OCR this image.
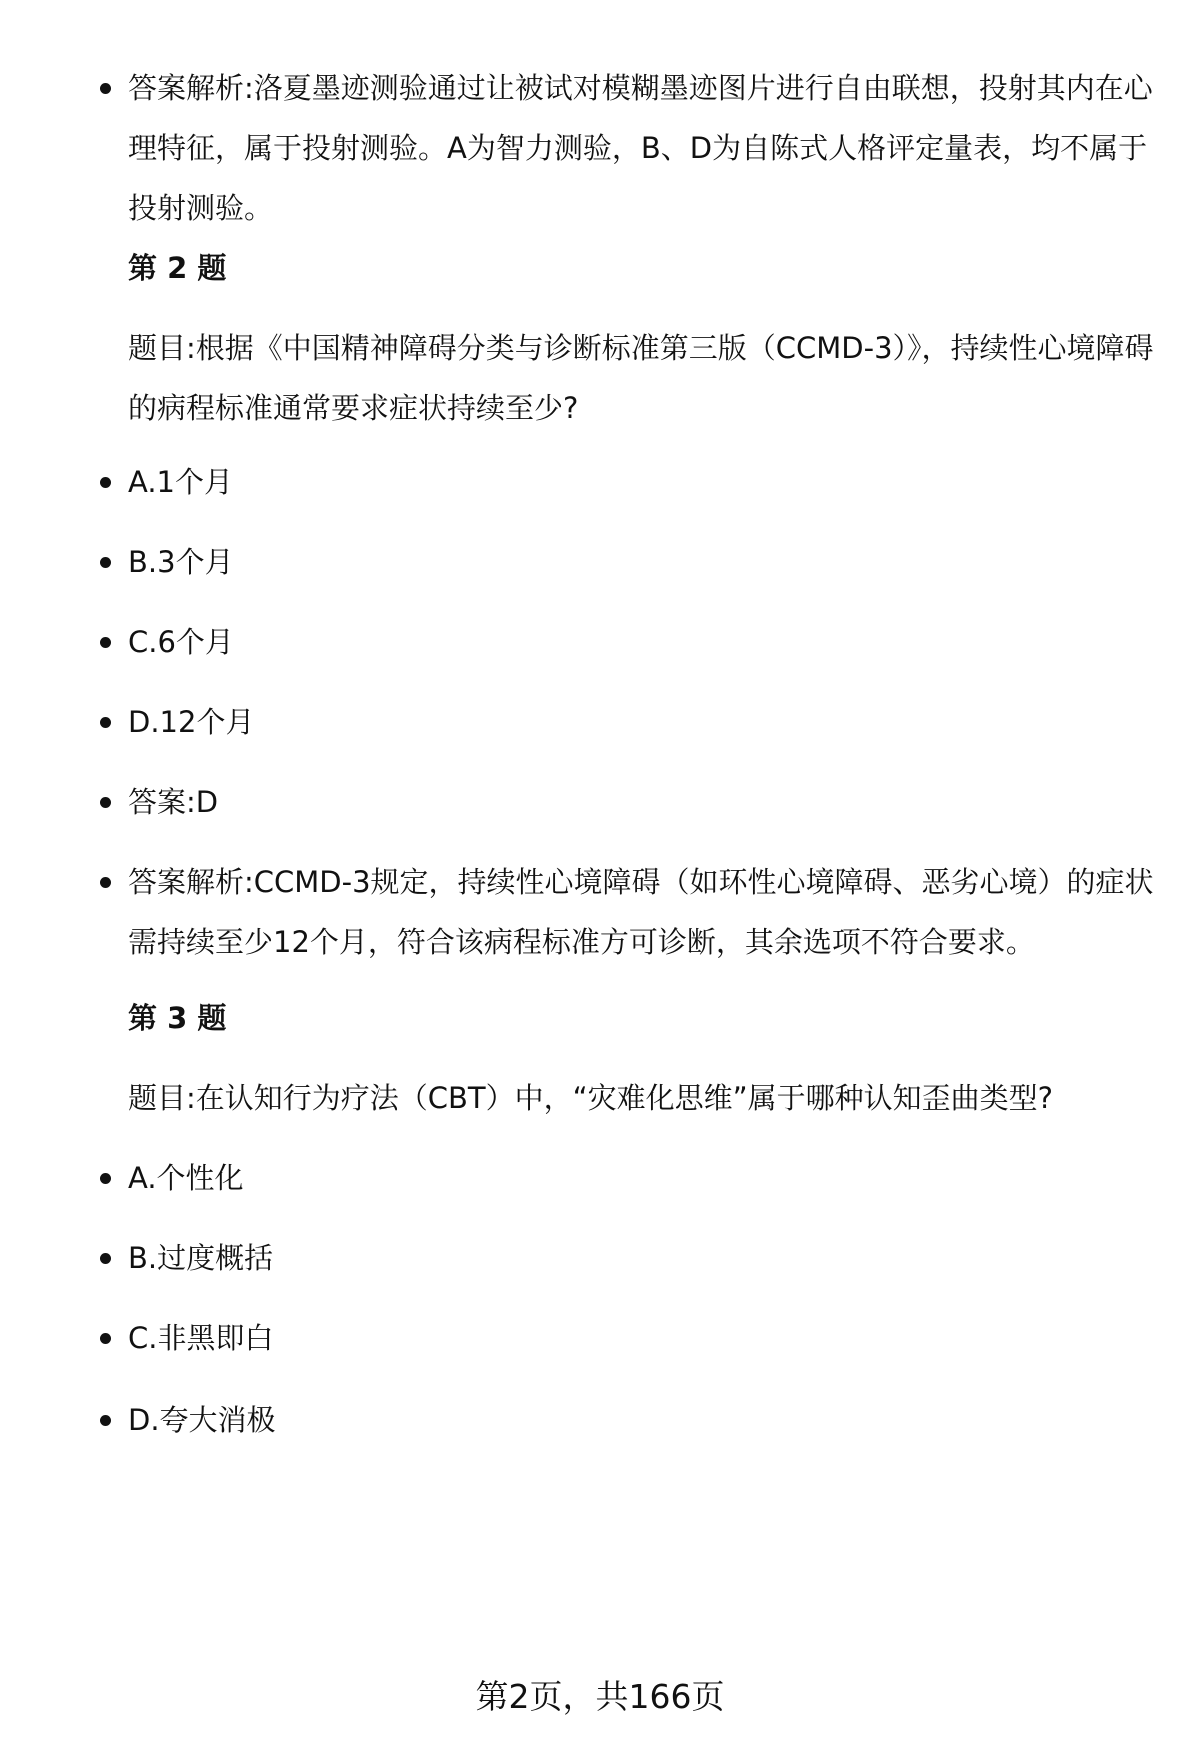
答案解析:洛夏墨迹测验通过让被试对模糊墨迹图片进行自由联想，投射其内在心理特征，属于投射测验。A为智力测验，B、D为自陈式人格评定量表，均不属于投射测验。
第 2 题
题目:根据《中国精神障碍分类与诊断标准第三版（CCMD-3）》，持续性心境障碍的病程标准通常要求症状持续至少?
A.1个月
B.3个月
C.6个月
D.12个月
答案:D
答案解析:CCMD-3规定，持续性心境障碍（如环性心境障碍、恶劣心境）的症状需持续至少12个月，符合该病程标准方可诊断，其余选项不符合要求。
第 3 题
题目:在认知行为疗法（CBT）中，“灾难化思维”属于哪种认知歪曲类型?
A.个性化
B.过度概括
C.非黑即白
D.夸大消极
第2页，共166页
